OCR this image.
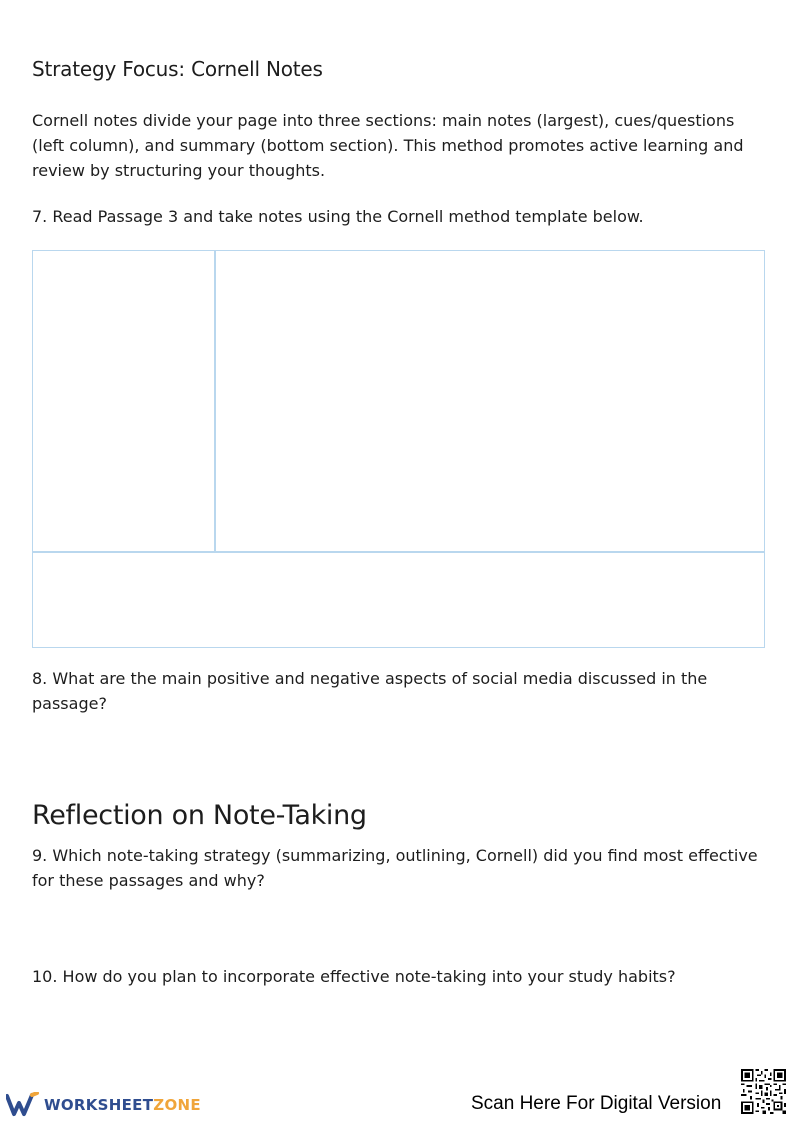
Strategy Focus: Cornell Notes

Cornell notes divide your page into three sections: main notes (largest), cues/questions (left column), and summary (bottom section). This method promotes active learning and review by structuring your thoughts.

7. Read Passage 3 and take notes using the Cornell method template below.

8. What are the main positive and negative aspects of social media discussed in the passage?

Reflection on Note-Taking

9. Which note-taking strategy (summarizing, outlining, Cornell) did you find most effective for these passages and why?

10. How do you plan to incorporate effective note-taking into your study habits?

WORKSHEETZONE	Scan Here For Digital Version
